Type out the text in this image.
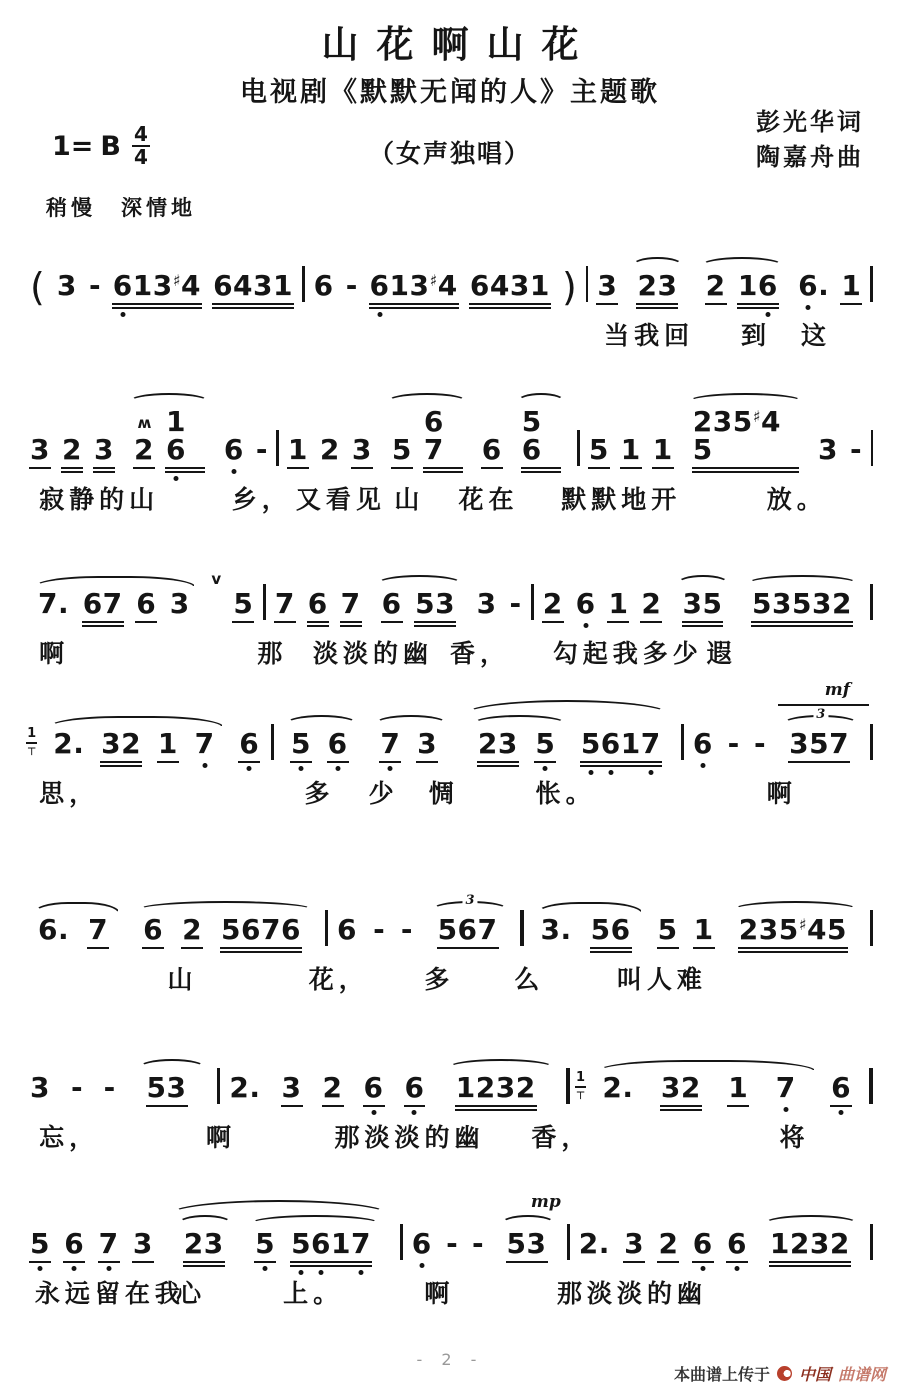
山花啊山花
电视剧《默默无闻的人》主题歌
1= B $\frac{4}{4}$	（女声独唱）
彭光华词
陶嘉舟曲
稍慢　深情地
( 3 - 6
13♯4 6431 6 - 6
13♯4 6431 ) 3 23 2 16 6
. 1
当我回 到 这
3 2 3
ʍ
2
16	6 - 1 2 3 5
67	6
56	5 1 1
235♯45	3 -
寂静的山	乡， 又看见 山 花在 默默地开	放。
7. 67 6 3
v
5 7 6 7 6 53 3 - 2 6 1 2 35 53532
啊	那 淡淡的幽 香， 勾起我多少 遐
1
┬ 2. 32 1 7 6 5 6 7 3 23 5 5
6
17 6 - -
3
mf
357
思，	多 少 惆	怅。	啊
6. 7 6 2 5676 6 - -
3
567 3. 56 5 1 235♯45
山	花， 多 么	叫人难
3 - -	53	2. 3 2 6 6	1232	1
┬ 2. 32 1 7	6
忘，	啊	那淡淡的幽 香，	将
5 6 7 3 23 5 5
6
17 6 - -
mp
53 2. 3 2 6 6 1232
永远留在我
心	上。	啊	那淡淡的幽
- 2 -
本曲谱上传于 中国 曲谱网
